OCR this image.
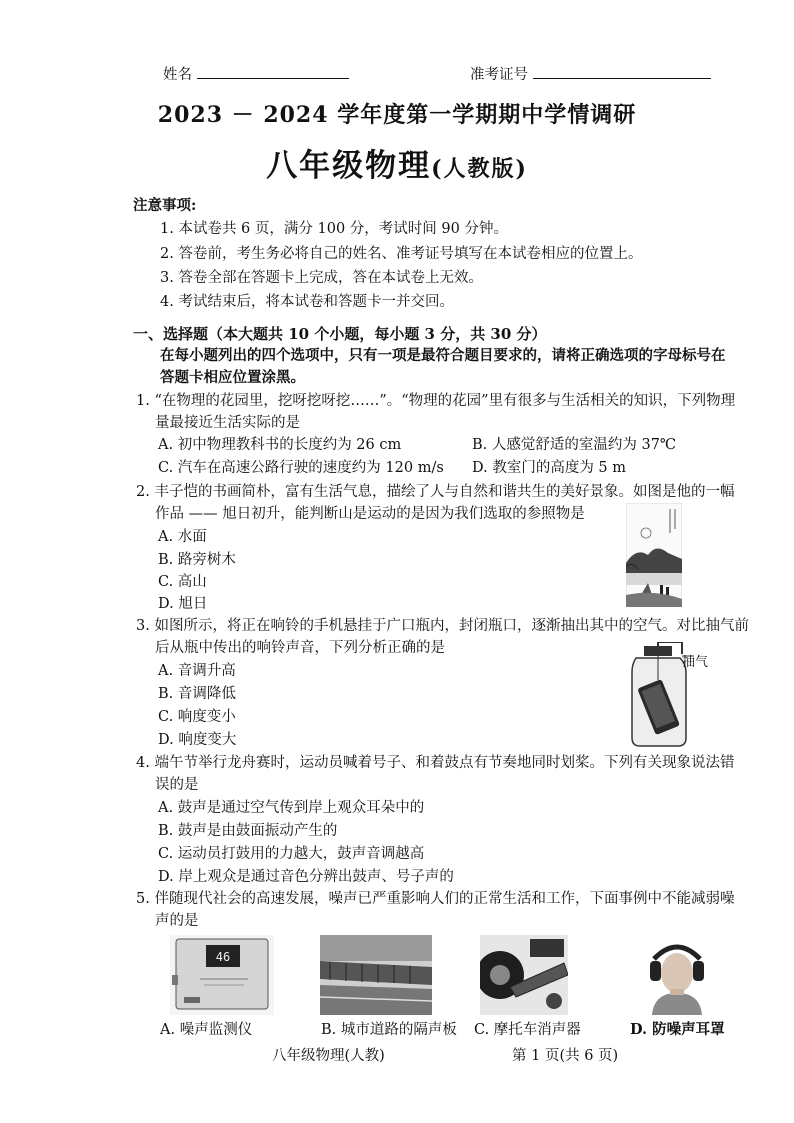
姓名	准考证号
2023 － 2024 学年度第一学期期中学情调研
八年级物理(人教版)
注意事项:
1. 本试卷共 6 页，满分 100 分，考试时间 90 分钟。
2. 答卷前，考生务必将自己的姓名、准考证号填写在本试卷相应的位置上。
3. 答卷全部在答题卡上完成，答在本试卷上无效。
4. 考试结束后，将本试卷和答题卡一并交回。
一、选择题（本大题共 10 个小题，每小题 3 分，共 30 分）
在每小题列出的四个选项中，只有一项是最符合题目要求的，请将正确选项的字母标号在
答题卡相应位置涂黑。
1. “在物理的花园里，挖呀挖呀挖……”。“物理的花园”里有很多与生活相关的知识，下列物理
量最接近生活实际的是
A. 初中物理教科书的长度约为 26 cm	B. 人感觉舒适的室温约为 37℃
C. 汽车在高速公路行驶的速度约为 120 m/s D. 教室门的高度为 5 m
2. 丰子恺的书画简朴，富有生活气息，描绘了人与自然和谐共生的美好景象。如图是他的一幅
作品 —— 旭日初升，能判断山是运动的是因为我们选取的参照物是
A. 水面
B. 路旁树木
C. 高山
D. 旭日
3. 如图所示，将正在响铃的手机悬挂于广口瓶内，封闭瓶口，逐渐抽出其中的空气。对比抽气前
后从瓶中传出的响铃声音，下列分析正确的是
A. 音调升高
B. 音调降低
C. 响度变小
D. 响度变大
抽气
4. 端午节举行龙舟赛时，运动员喊着号子、和着鼓点有节奏地同时划桨。下列有关现象说法错
误的是
A. 鼓声是通过空气传到岸上观众耳朵中的
B. 鼓声是由鼓面振动产生的
C. 运动员打鼓用的力越大，鼓声音调越高
D. 岸上观众是通过音色分辨出鼓声、号子声的
5. 伴随现代社会的高速发展，噪声已严重影响人们的正常生活和工作，下面事例中不能减弱噪
声的是
46
A. 噪声监测仪	B. 城市道路的隔声板 C. 摩托车消声器	D. 防噪声耳罩
八年级物理(人教)	第 1 页(共 6 页)
